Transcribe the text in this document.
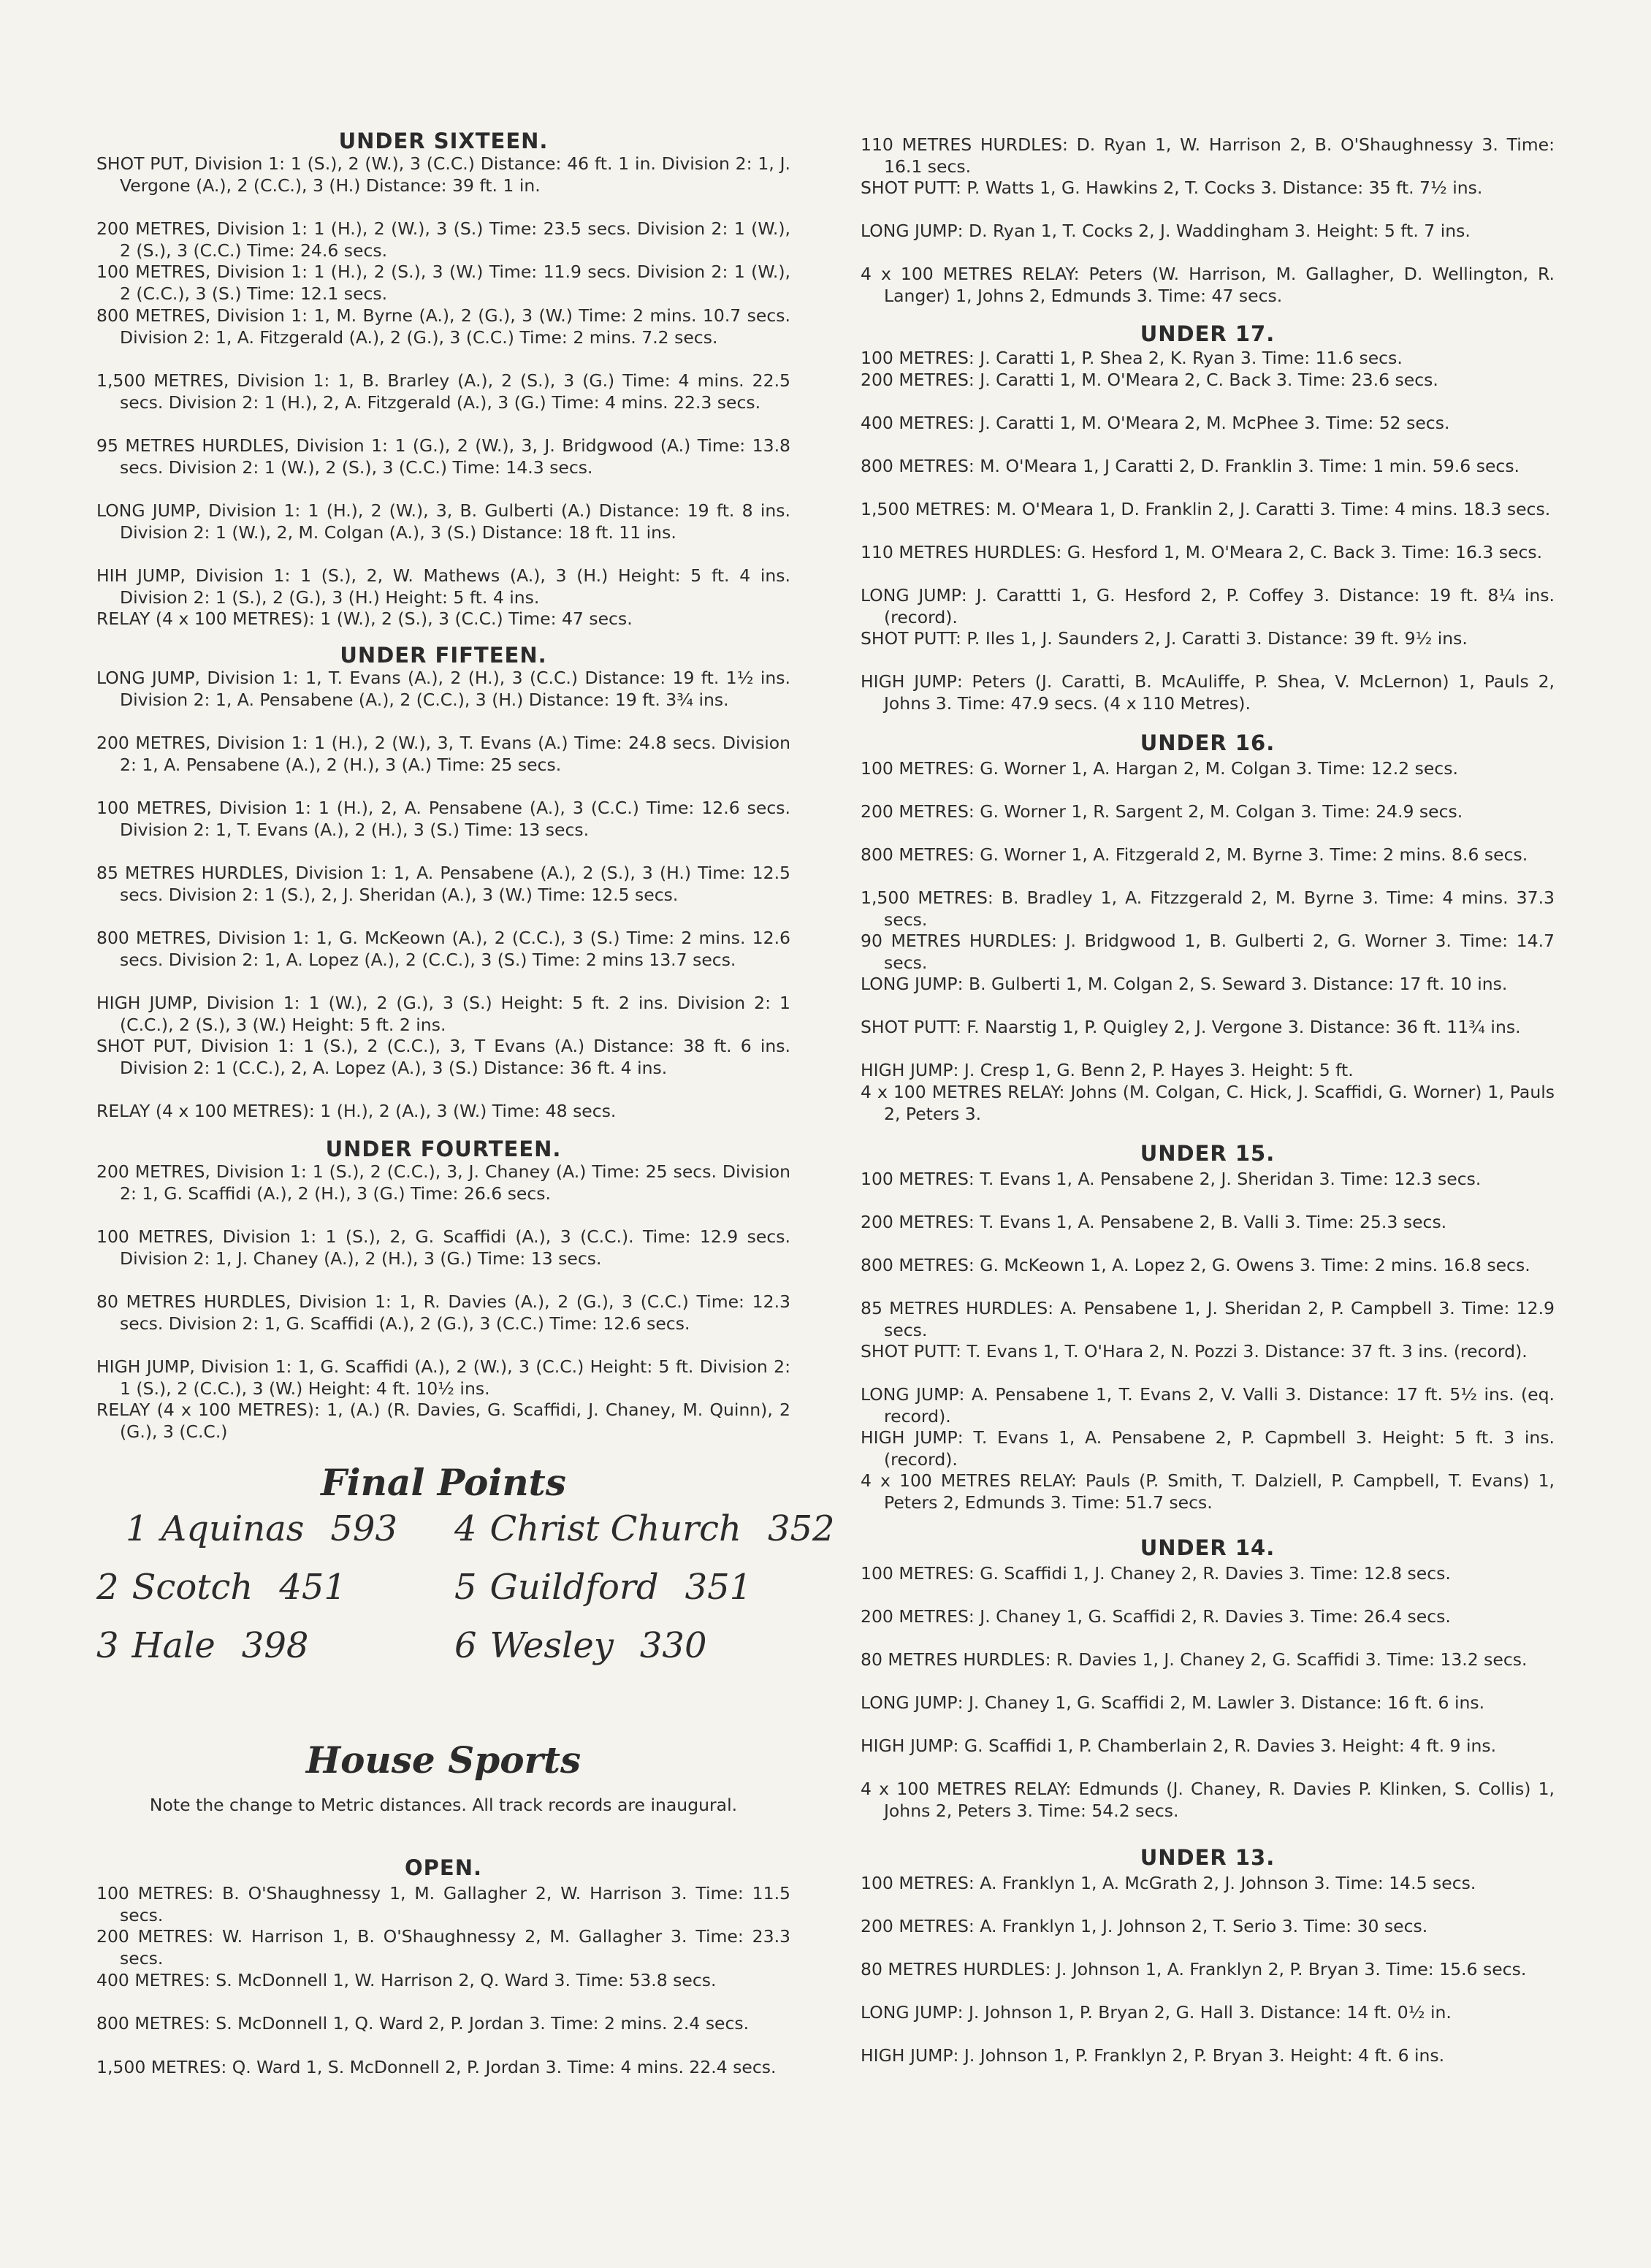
UNDER SIXTEEN.

SHOT PUT, Division 1: 1 (S.), 2 (W.), 3 (C.C.) Distance: 46 ft. 1 in. Division 2: 1, J. Vergone (A.), 2 (C.C.), 3 (H.) Distance: 39 ft. 1 in.

200 METRES, Division 1: 1 (H.), 2 (W.), 3 (S.) Time: 23.5 secs. Division 2: 1 (W.), 2 (S.), 3 (C.C.) Time: 24.6 secs.

100 METRES, Division 1: 1 (H.), 2 (S.), 3 (W.) Time: 11.9 secs. Division 2: 1 (W.), 2 (C.C.), 3 (S.) Time: 12.1 secs.

800 METRES, Division 1: 1, M. Byrne (A.), 2 (G.), 3 (W.) Time: 2 mins. 10.7 secs. Division 2: 1, A. Fitzgerald (A.), 2 (G.), 3 (C.C.) Time: 2 mins. 7.2 secs.

1,500 METRES, Division 1: 1, B. Brarley (A.), 2 (S.), 3 (G.) Time: 4 mins. 22.5 secs. Division 2: 1 (H.), 2, A. Fitzgerald (A.), 3 (G.) Time: 4 mins. 22.3 secs.

95 METRES HURDLES, Division 1: 1 (G.), 2 (W.), 3, J. Bridgwood (A.) Time: 13.8 secs. Division 2: 1 (W.), 2 (S.), 3 (C.C.) Time: 14.3 secs.

LONG JUMP, Division 1: 1 (H.), 2 (W.), 3, B. Gulberti (A.) Distance: 19 ft. 8 ins. Division 2: 1 (W.), 2, M. Colgan (A.), 3 (S.) Distance: 18 ft. 11 ins.

HIH JUMP, Division 1: 1 (S.), 2, W. Mathews (A.), 3 (H.) Height: 5 ft. 4 ins. Division 2: 1 (S.), 2 (G.), 3 (H.) Height: 5 ft. 4 ins.

RELAY (4 x 100 METRES): 1 (W.), 2 (S.), 3 (C.C.) Time: 47 secs.

UNDER FIFTEEN.

LONG JUMP, Division 1: 1, T. Evans (A.), 2 (H.), 3 (C.C.) Distance: 19 ft. 1½ ins. Division 2: 1, A. Pensabene (A.), 2 (C.C.), 3 (H.) Distance: 19 ft. 3¾ ins.

200 METRES, Division 1: 1 (H.), 2 (W.), 3, T. Evans (A.) Time: 24.8 secs. Division 2: 1, A. Pensabene (A.), 2 (H.), 3 (A.) Time: 25 secs.

100 METRES, Division 1: 1 (H.), 2, A. Pensabene (A.), 3 (C.C.) Time: 12.6 secs. Division 2: 1, T. Evans (A.), 2 (H.), 3 (S.) Time: 13 secs.

85 METRES HURDLES, Division 1: 1, A. Pensabene (A.), 2 (S.), 3 (H.) Time: 12.5 secs. Division 2: 1 (S.), 2, J. Sheridan (A.), 3 (W.) Time: 12.5 secs.

800 METRES, Division 1: 1, G. McKeown (A.), 2 (C.C.), 3 (S.) Time: 2 mins. 12.6 secs. Division 2: 1, A. Lopez (A.), 2 (C.C.), 3 (S.) Time: 2 mins 13.7 secs.

HIGH JUMP, Division 1: 1 (W.), 2 (G.), 3 (S.) Height: 5 ft. 2 ins. Division 2: 1 (C.C.), 2 (S.), 3 (W.) Height: 5 ft. 2 ins.

SHOT PUT, Division 1: 1 (S.), 2 (C.C.), 3, T Evans (A.) Distance: 38 ft. 6 ins. Division 2: 1 (C.C.), 2, A. Lopez (A.), 3 (S.) Distance: 36 ft. 4 ins.

RELAY (4 x 100 METRES): 1 (H.), 2 (A.), 3 (W.) Time: 48 secs.

UNDER FOURTEEN.

200 METRES, Division 1: 1 (S.), 2 (C.C.), 3, J. Chaney (A.) Time: 25 secs. Division 2: 1, G. Scaffidi (A.), 2 (H.), 3 (G.) Time: 26.6 secs.

100 METRES, Division 1: 1 (S.), 2, G. Scaffidi (A.), 3 (C.C.). Time: 12.9 secs. Division 2: 1, J. Chaney (A.), 2 (H.), 3 (G.) Time: 13 secs.

80 METRES HURDLES, Division 1: 1, R. Davies (A.), 2 (G.), 3 (C.C.) Time: 12.3 secs. Division 2: 1, G. Scaffidi (A.), 2 (G.), 3 (C.C.) Time: 12.6 secs.

HIGH JUMP, Division 1: 1, G. Scaffidi (A.), 2 (W.), 3 (C.C.) Height: 5 ft. Division 2: 1 (S.), 2 (C.C.), 3 (W.) Height: 4 ft. 10½ ins.

RELAY (4 x 100 METRES): 1, (A.) (R. Davies, G. Scaffidi, J. Chaney, M. Quinn), 2 (G.), 3 (C.C.)

Final Points
1 Aquinas 593
2 Scotch 451
3 Hale 398
4 Christ Church 352
5 Guildford 351
6 Wesley 330
House Sports

Note the change to Metric distances. All track records are inaugural.

OPEN.

100 METRES: B. O'Shaughnessy 1, M. Gallagher 2, W. Harrison 3. Time: 11.5 secs.

200 METRES: W. Harrison 1, B. O'Shaughnessy 2, M. Gallagher 3. Time: 23.3 secs.

400 METRES: S. McDonnell 1, W. Harrison 2, Q. Ward 3. Time: 53.8 secs.

800 METRES: S. McDonnell 1, Q. Ward 2, P. Jordan 3. Time: 2 mins. 2.4 secs.

1,500 METRES: Q. Ward 1, S. McDonnell 2, P. Jordan 3. Time: 4 mins. 22.4 secs.

110 METRES HURDLES: D. Ryan 1, W. Harrison 2, B. O'Shaughnessy 3. Time: 16.1 secs.

SHOT PUTT: P. Watts 1, G. Hawkins 2, T. Cocks 3. Distance: 35 ft. 7½ ins.

LONG JUMP: D. Ryan 1, T. Cocks 2, J. Waddingham 3. Height: 5 ft. 7 ins.

4 x 100 METRES RELAY: Peters (W. Harrison, M. Gallagher, D. Wellington, R. Langer) 1, Johns 2, Edmunds 3. Time: 47 secs.

UNDER 17.

100 METRES: J. Caratti 1, P. Shea 2, K. Ryan 3. Time: 11.6 secs.

200 METRES: J. Caratti 1, M. O'Meara 2, C. Back 3. Time: 23.6 secs.

400 METRES: J. Caratti 1, M. O'Meara 2, M. McPhee 3. Time: 52 secs.

800 METRES: M. O'Meara 1, J Caratti 2, D. Franklin 3. Time: 1 min. 59.6 secs.

1,500 METRES: M. O'Meara 1, D. Franklin 2, J. Caratti 3. Time: 4 mins. 18.3 secs.

110 METRES HURDLES: G. Hesford 1, M. O'Meara 2, C. Back 3. Time: 16.3 secs.

LONG JUMP: J. Carattti 1, G. Hesford 2, P. Coffey 3. Distance: 19 ft. 8¼ ins. (record).

SHOT PUTT: P. Iles 1, J. Saunders 2, J. Caratti 3. Distance: 39 ft. 9½ ins.

HIGH JUMP: Peters (J. Caratti, B. McAuliffe, P. Shea, V. McLernon) 1, Pauls 2, Johns 3. Time: 47.9 secs. (4 x 110 Metres).

UNDER 16.

100 METRES: G. Worner 1, A. Hargan 2, M. Colgan 3. Time: 12.2 secs.

200 METRES: G. Worner 1, R. Sargent 2, M. Colgan 3. Time: 24.9 secs.

800 METRES: G. Worner 1, A. Fitzgerald 2, M. Byrne 3. Time: 2 mins. 8.6 secs.

1,500 METRES: B. Bradley 1, A. Fitzzgerald 2, M. Byrne 3. Time: 4 mins. 37.3 secs.

90 METRES HURDLES: J. Bridgwood 1, B. Gulberti 2, G. Worner 3. Time: 14.7 secs.

LONG JUMP: B. Gulberti 1, M. Colgan 2, S. Seward 3. Distance: 17 ft. 10 ins.

SHOT PUTT: F. Naarstig 1, P. Quigley 2, J. Vergone 3. Distance: 36 ft. 11¾ ins.

HIGH JUMP: J. Cresp 1, G. Benn 2, P. Hayes 3. Height: 5 ft.

4 x 100 METRES RELAY: Johns (M. Colgan, C. Hick, J. Scaffidi, G. Worner) 1, Pauls 2, Peters 3.

UNDER 15.

100 METRES: T. Evans 1, A. Pensabene 2, J. Sheridan 3. Time: 12.3 secs.

200 METRES: T. Evans 1, A. Pensabene 2, B. Valli 3. Time: 25.3 secs.

800 METRES: G. McKeown 1, A. Lopez 2, G. Owens 3. Time: 2 mins. 16.8 secs.

85 METRES HURDLES: A. Pensabene 1, J. Sheridan 2, P. Campbell 3. Time: 12.9 secs.

SHOT PUTT: T. Evans 1, T. O'Hara 2, N. Pozzi 3. Distance: 37 ft. 3 ins. (record).

LONG JUMP: A. Pensabene 1, T. Evans 2, V. Valli 3. Distance: 17 ft. 5½ ins. (eq. record).

HIGH JUMP: T. Evans 1, A. Pensabene 2, P. Capmbell 3. Height: 5 ft. 3 ins. (record).

4 x 100 METRES RELAY: Pauls (P. Smith, T. Dalziell, P. Campbell, T. Evans) 1, Peters 2, Edmunds 3. Time: 51.7 secs.

UNDER 14.

100 METRES: G. Scaffidi 1, J. Chaney 2, R. Davies 3. Time: 12.8 secs.

200 METRES: J. Chaney 1, G. Scaffidi 2, R. Davies 3. Time: 26.4 secs.

80 METRES HURDLES: R. Davies 1, J. Chaney 2, G. Scaffidi 3. Time: 13.2 secs.

LONG JUMP: J. Chaney 1, G. Scaffidi 2, M. Lawler 3. Distance: 16 ft. 6 ins.

HIGH JUMP: G. Scaffidi 1, P. Chamberlain 2, R. Davies 3. Height: 4 ft. 9 ins.

4 x 100 METRES RELAY: Edmunds (J. Chaney, R. Davies P. Klinken, S. Collis) 1, Johns 2, Peters 3. Time: 54.2 secs.

UNDER 13.

100 METRES: A. Franklyn 1, A. McGrath 2, J. Johnson 3. Time: 14.5 secs.

200 METRES: A. Franklyn 1, J. Johnson 2, T. Serio 3. Time: 30 secs.

80 METRES HURDLES: J. Johnson 1, A. Franklyn 2, P. Bryan 3. Time: 15.6 secs.

LONG JUMP: J. Johnson 1, P. Bryan 2, G. Hall 3. Distance: 14 ft. 0½ in.

HIGH JUMP: J. Johnson 1, P. Franklyn 2, P. Bryan 3. Height: 4 ft. 6 ins.
